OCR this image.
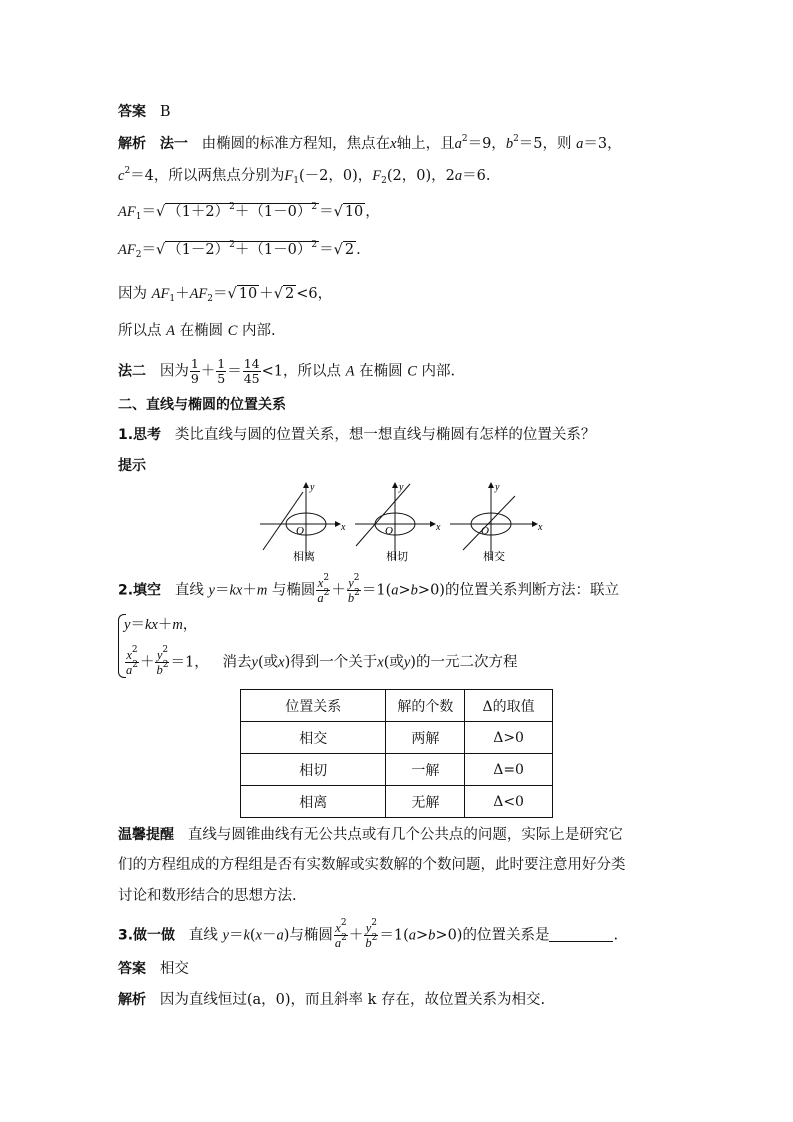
答案 B
解析 法一 由椭圆的标准方程知，焦点在x轴上，且$a^2=9$，$b^2=5$，则 a＝3，
$c^2=4$，所以两焦点分别为$F_1(-2$，0)，$F_2(2$，0)，2a＝6.
$AF_1=√$ $(1+2)^2+(1-0)^2$ ＝√ 10 ，
$AF_2=√$ $(1-2)^2+(1-0)^2$ ＝√ 2 .
因为 $AF_1+AF_2=√$ 10 ＋√ 2 <6，
所以点 A 在椭圆 C 内部.
法二 因为 $\frac{1}{9} + \frac{1}{5} = \frac{14}{45} <1$，所以点 A 在椭圆 C 内部.
二、直线与椭圆的位置关系
1.思考 类比直线与圆的位置关系，想一想直线与椭圆有怎样的位置关系？
提示
O	x
y
相离
O	x
y
相切
O	x
y
相交
2.填空 直线 y＝kx＋m 与椭圆 $\frac{x^2}{a^2} + \frac{y^2}{b^2} =1(a>b>0)$的位置关系判断方法：联立
y＝kx＋m，
$\frac{x^2}{a^2} + \frac{y^2}{b^2} =1$，   消去y(或x)得到一个关于x(或y)的一元二次方程
位置关系	解的个数	Δ的取值
相交	两解	Δ>0
相切	一解	Δ=0
相离	无解	Δ<0
温馨提醒 直线与圆锥曲线有无公共点或有几个公共点的问题，实际上是研究它
们的方程组成的方程组是否有实数解或实数解的个数问题，此时要注意用好分类
讨论和数形结合的思想方法.
3.做一做 直线 y＝k(x－a)与椭圆 $\frac{x^2}{a^2} + \frac{y^2}{b^2} =1(a>b>0)$的位置关系是	.
答案 相交
解析 因为直线恒过(a，0)，而且斜率 k 存在，故位置关系为相交.
